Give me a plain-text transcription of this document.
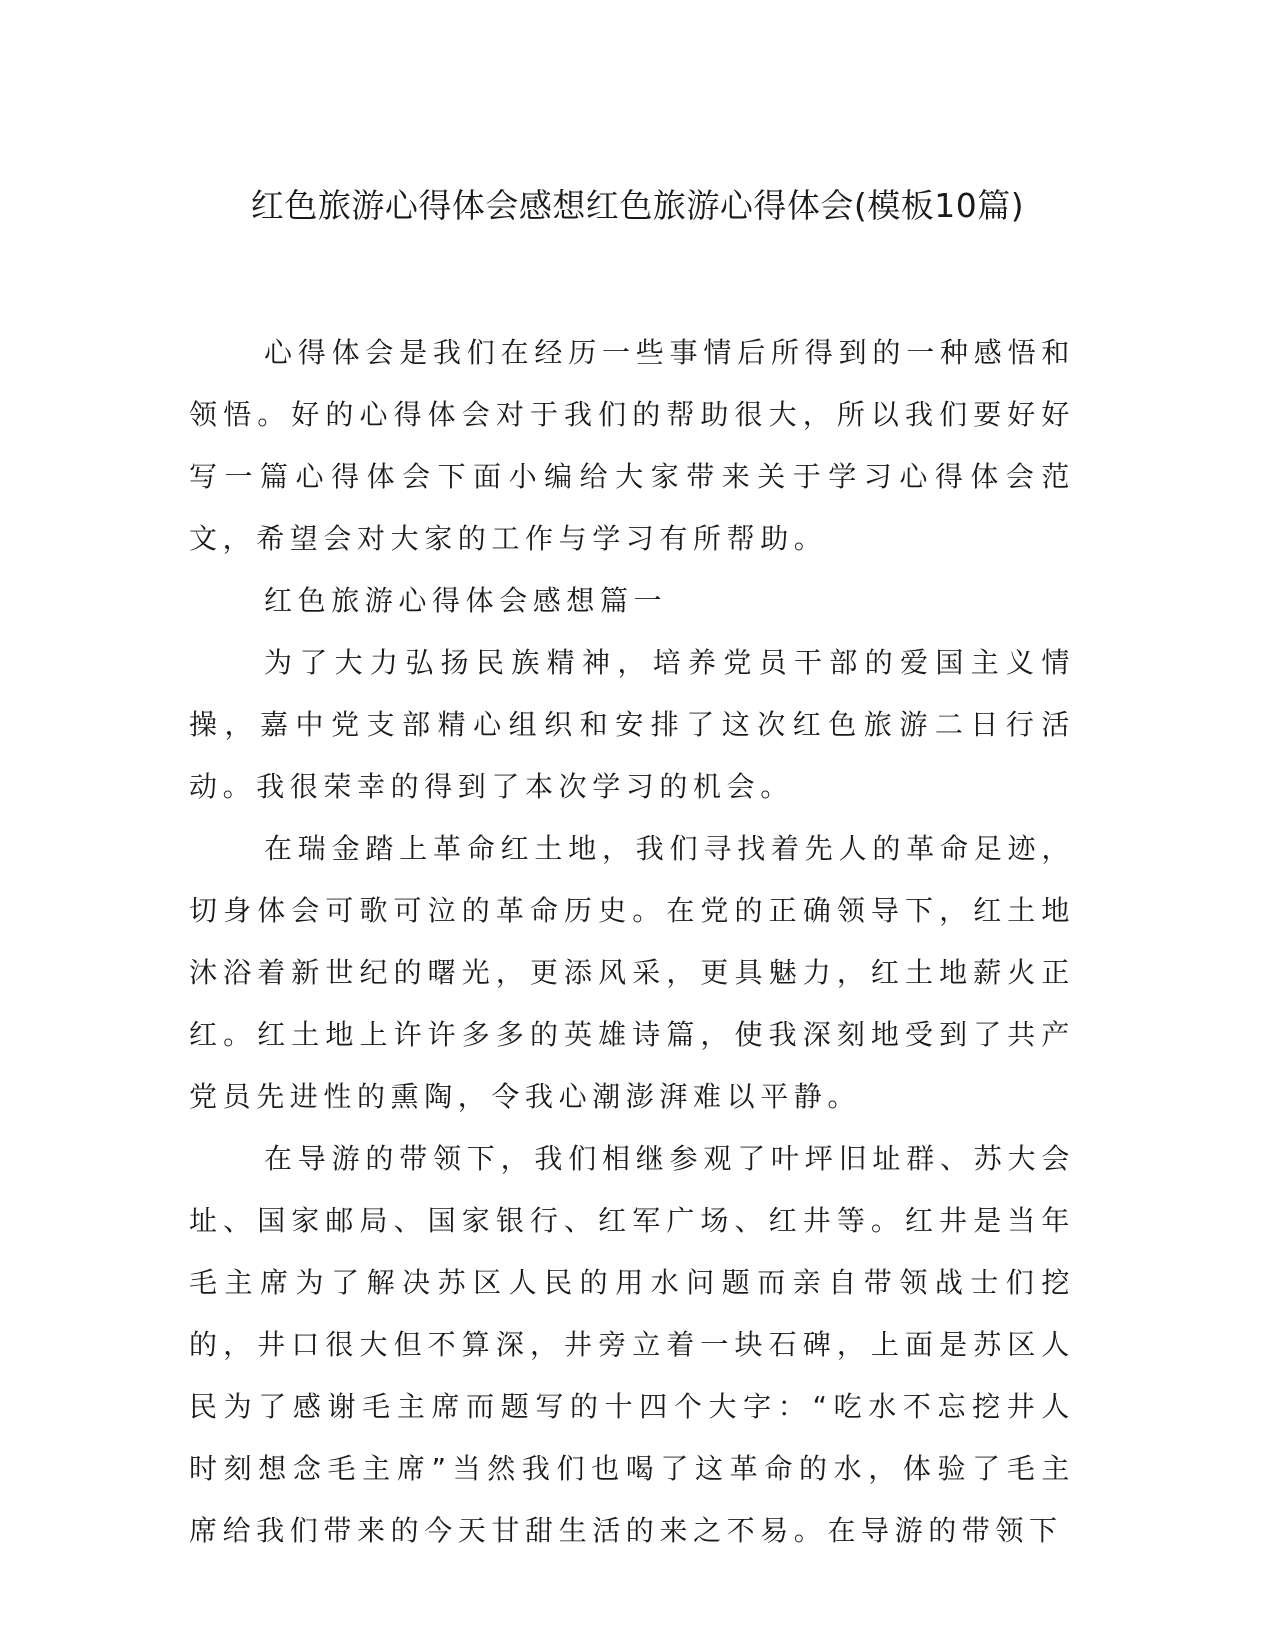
红色旅游心得体会感想红色旅游心得体会(模板10篇)

心得体会是我们在经历一些事情后所得到的一种感悟和领悟。好的心得体会对于我们的帮助很大，所以我们要好好写一篇心得体会下面小编给大家带来关于学习心得体会范文，希望会对大家的工作与学习有所帮助。

红色旅游心得体会感想篇一

为了大力弘扬民族精神，培养党员干部的爱国主义情操，嘉中党支部精心组织和安排了这次红色旅游二日行活动。我很荣幸的得到了本次学习的机会。

在瑞金踏上革命红土地，我们寻找着先人的革命足迹，切身体会可歌可泣的革命历史。在党的正确领导下，红土地沐浴着新世纪的曙光，更添风采，更具魅力，红土地薪火正红。红土地上许许多多的英雄诗篇，使我深刻地受到了共产党员先进性的熏陶，令我心潮澎湃难以平静。

在导游的带领下，我们相继参观了叶坪旧址群、苏大会址、国家邮局、国家银行、红军广场、红井等。红井是当年毛主席为了解决苏区人民的用水问题而亲自带领战士们挖的，井口很大但不算深，井旁立着一块石碑，上面是苏区人民为了感谢毛主席而题写的十四个大字：“吃水不忘挖井人时刻想念毛主席”当然我们也喝了这革命的水，体验了毛主席给我们带来的今天甘甜生活的来之不易。在导游的带领下
